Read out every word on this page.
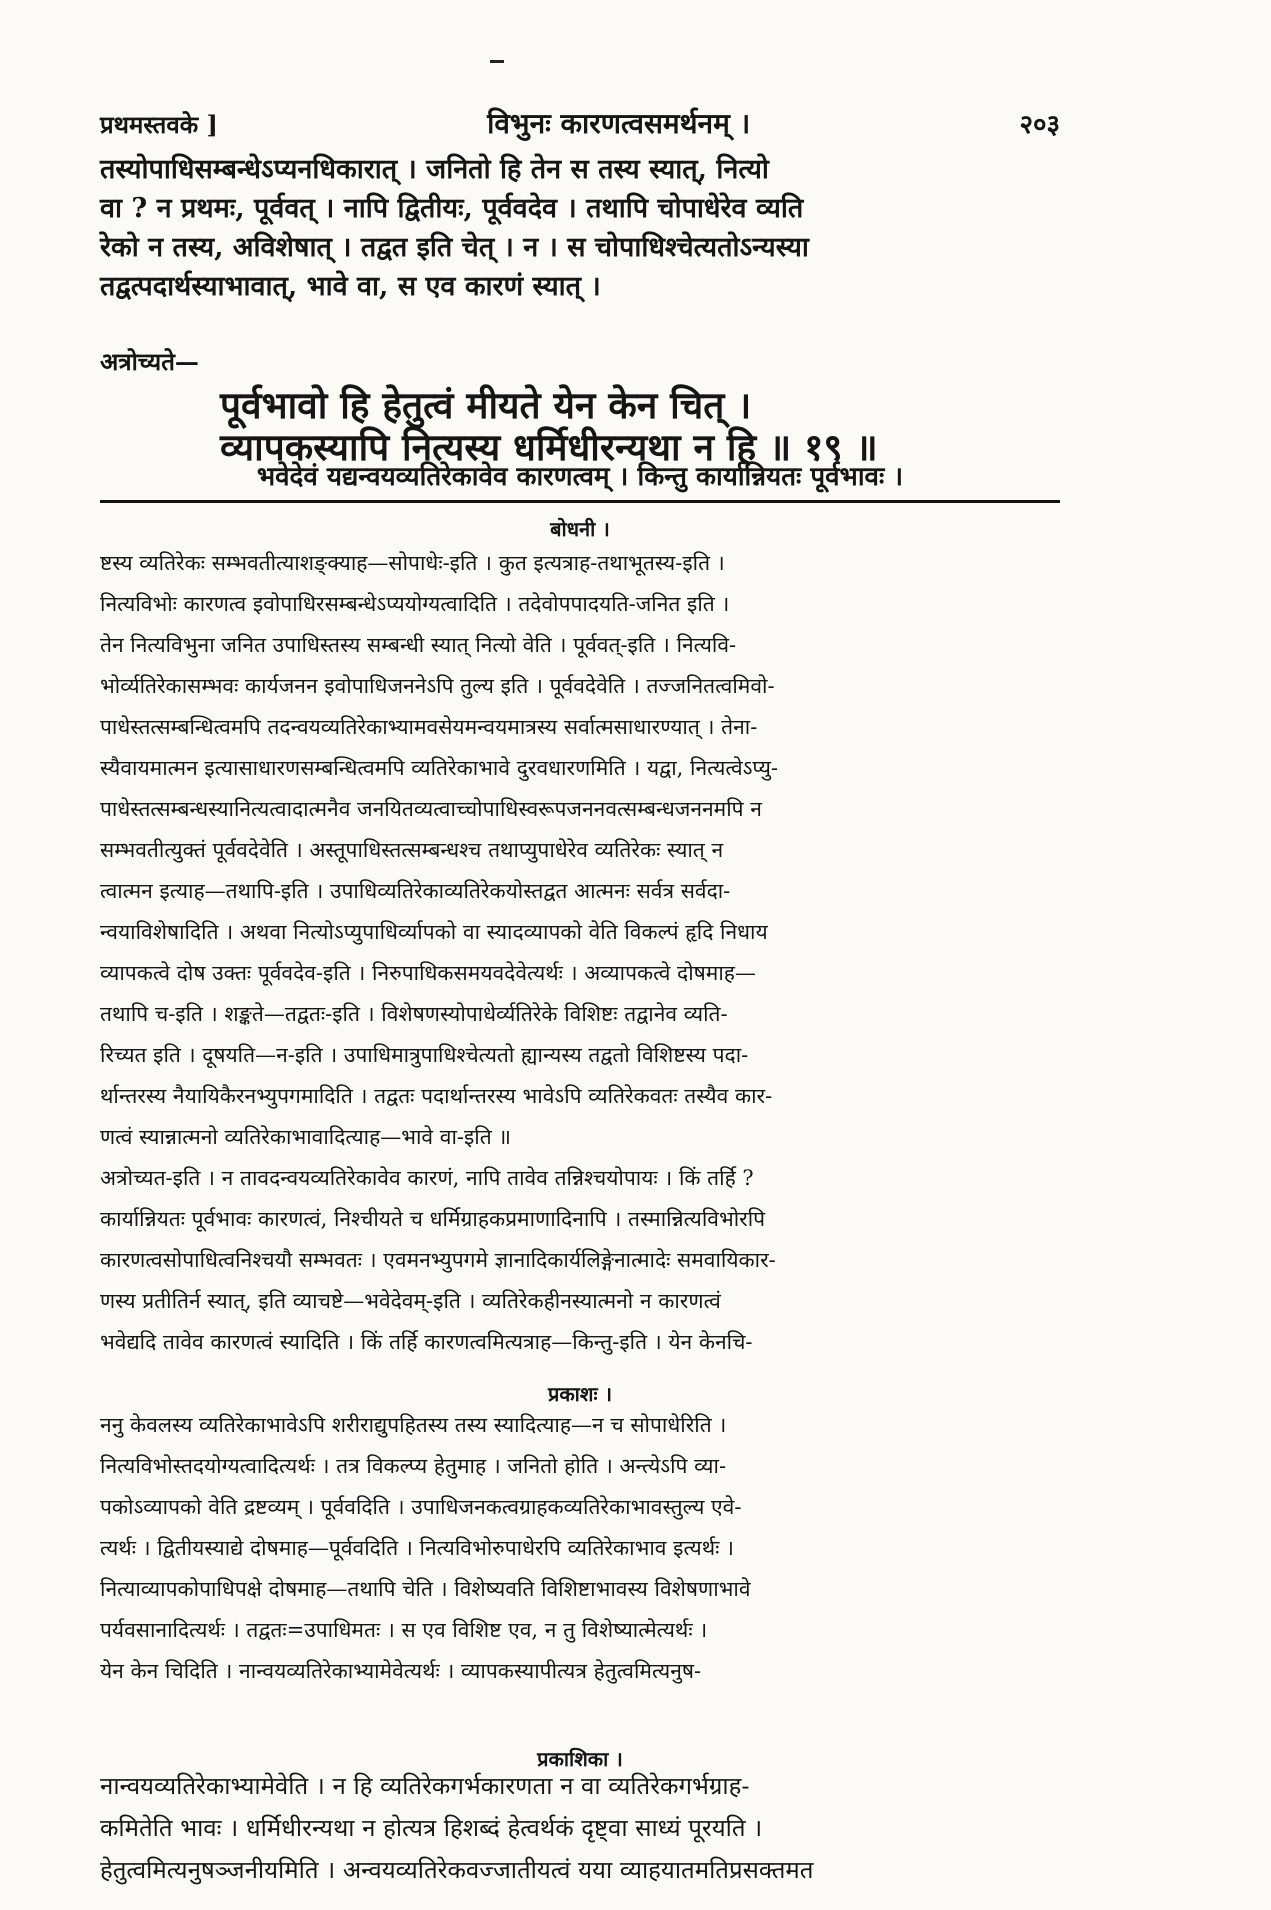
प्रथमस्तवके ]	विभुनः कारणत्वसमर्थनम् ।	२०३

तस्योपाधिसम्बन्धेऽप्यनधिकारात् । जनितो हि तेन स तस्य स्यात्, नित्यो

वा ? न प्रथमः, पूर्ववत् । नापि द्वितीयः, पूर्ववदेव । तथापि चोपाधेरेव व्यति

रेको न तस्य, अविशेषात् । तद्वत इति चेत् । न । स चोपाधिश्चेत्यतोऽन्यस्या

तद्वत्पदार्थस्याभावात्, भावे वा, स एव कारणं स्यात् ।

अत्रोच्यते—
पूर्वभावो हि हेतुत्वं मीयते येन केन चित् ।
व्यापकस्यापि नित्यस्य धर्मिधीरन्यथा न हि ॥ १९ ॥
भवेदेवं यद्यन्वयव्यतिरेकावेव कारणत्वम् । किन्तु कार्यान्नियतः पूर्वभावः ।
बोधनी ।

ष्टस्य व्यतिरेकः सम्भवतीत्याशङ्क्याह—सोपाधेः-इति । कुत इत्यत्राह-तथाभूतस्य-इति ।

नित्यविभोः कारणत्व इवोपाधिरसम्बन्धेऽप्ययोग्यत्वादिति । तदेवोपपादयति-जनित इति ।

तेन नित्यविभुना जनित उपाधिस्तस्य सम्बन्धी स्यात् नित्यो वेति । पूर्ववत्-इति । नित्यवि-

भोर्व्यतिरेकासम्भवः कार्यजनन इवोपाधिजननेऽपि तुल्य इति । पूर्ववदेवेति । तज्जनितत्वमिवो-

पाधेस्तत्सम्बन्धित्वमपि तदन्वयव्यतिरेकाभ्यामवसेयमन्वयमात्रस्य सर्वात्मसाधारण्यात् । तेना-

स्यैवायमात्मन इत्यासाधारणसम्बन्धित्वमपि व्यतिरेकाभावे दुरवधारणमिति । यद्वा, नित्यत्वेऽप्यु-

पाधेस्तत्सम्बन्धस्यानित्यत्वादात्मनैव जनयितव्यत्वाच्चोपाधिस्वरूपजननवत्सम्बन्धजननमपि न

सम्भवतीत्युक्तं पूर्ववदेवेति । अस्तूपाधिस्तत्सम्बन्धश्च तथाप्युपाधेरेव व्यतिरेकः स्यात् न

त्वात्मन इत्याह—तथापि-इति । उपाधिव्यतिरेकाव्यतिरेकयोस्तद्वत आत्मनः सर्वत्र सर्वदा-

न्वयाविशेषादिति । अथवा नित्योऽप्युपाधिर्व्यापको वा स्यादव्यापको वेति विकल्पं हृदि निधाय

व्यापकत्वे दोष उक्तः पूर्ववदेव-इति । निरुपाधिकसमयवदेवेत्यर्थः । अव्यापकत्वे दोषमाह—

तथापि च-इति । शङ्कते—तद्वतः-इति । विशेषणस्योपाधेर्व्यतिरेके विशिष्टः तद्वानेव व्यति-

रिच्यत इति । दूषयति—न-इति । उपाधिमात्रुपाधिश्चेत्यतो ह्यान्यस्य तद्वतो विशिष्टस्य पदा-

र्थान्तरस्य नैयायिकैरनभ्युपगमादिति । तद्वतः पदार्थान्तरस्य भावेऽपि व्यतिरेकवतः तस्यैव कार-

णत्वं स्यान्नात्मनो व्यतिरेकाभावादित्याह—भावे वा-इति ॥

अत्रोच्यत-इति । न तावदन्वयव्यतिरेकावेव कारणं, नापि तावेव तन्निश्चयोपायः । किं तर्हि ?

कार्यान्नियतः पूर्वभावः कारणत्वं, निश्चीयते च धर्मिग्राहकप्रमाणादिनापि । तस्मान्नित्यविभोरपि

कारणत्वसोपाधित्वनिश्चयौ सम्भवतः । एवमनभ्युपगमे ज्ञानादिकार्यलिङ्गेनात्मादेः समवायिकार-

णस्य प्रतीतिर्न स्यात्, इति व्याचष्टे—भवेदेवम्-इति । व्यतिरेकहीनस्यात्मनो न कारणत्वं

भवेद्यदि तावेव कारणत्वं स्यादिति । किं तर्हि कारणत्वमित्यत्राह—किन्तु-इति । येन केनचि-

प्रकाशः ।

ननु केवलस्य व्यतिरेकाभावेऽपि शरीराद्युपहितस्य तस्य स्यादित्याह—न च सोपाधेरिति ।

नित्यविभोस्तदयोग्यत्वादित्यर्थः । तत्र विकल्प्य हेतुमाह । जनितो होति । अन्त्येऽपि व्या-

पकोऽव्यापको वेति द्रष्टव्यम् । पूर्ववदिति । उपाधिजनकत्वग्राहकव्यतिरेकाभावस्तुल्य एवे-

त्यर्थः । द्वितीयस्याद्ये दोषमाह—पूर्ववदिति । नित्यविभोरुपाधेरपि व्यतिरेकाभाव इत्यर्थः ।

नित्याव्यापकोपाधिपक्षे दोषमाह—तथापि चेति । विशेष्यवति विशिष्टाभावस्य विशेषणाभावे

पर्यवसानादित्यर्थः । तद्वतः=उपाधिमतः । स एव विशिष्ट एव, न तु विशेष्यात्मेत्यर्थः ।

येन केन चिदिति । नान्वयव्यतिरेकाभ्यामेवेत्यर्थः । व्यापकस्यापीत्यत्र हेतुत्वमित्यनुष-

प्रकाशिका ।

नान्वयव्यतिरेकाभ्यामेवेति । न हि व्यतिरेकगर्भकारणता न वा व्यतिरेकगर्भग्राह-

कमितेति भावः । धर्मिधीरन्यथा न होत्यत्र हिशब्दं हेत्वर्थकं दृष्ट्वा साध्यं पूरयति ।

हेतुत्वमित्यनुषञ्जनीयमिति । अन्वयव्यतिरेकवज्जातीयत्वं यया व्याहयातमतिप्रसक्तमत
